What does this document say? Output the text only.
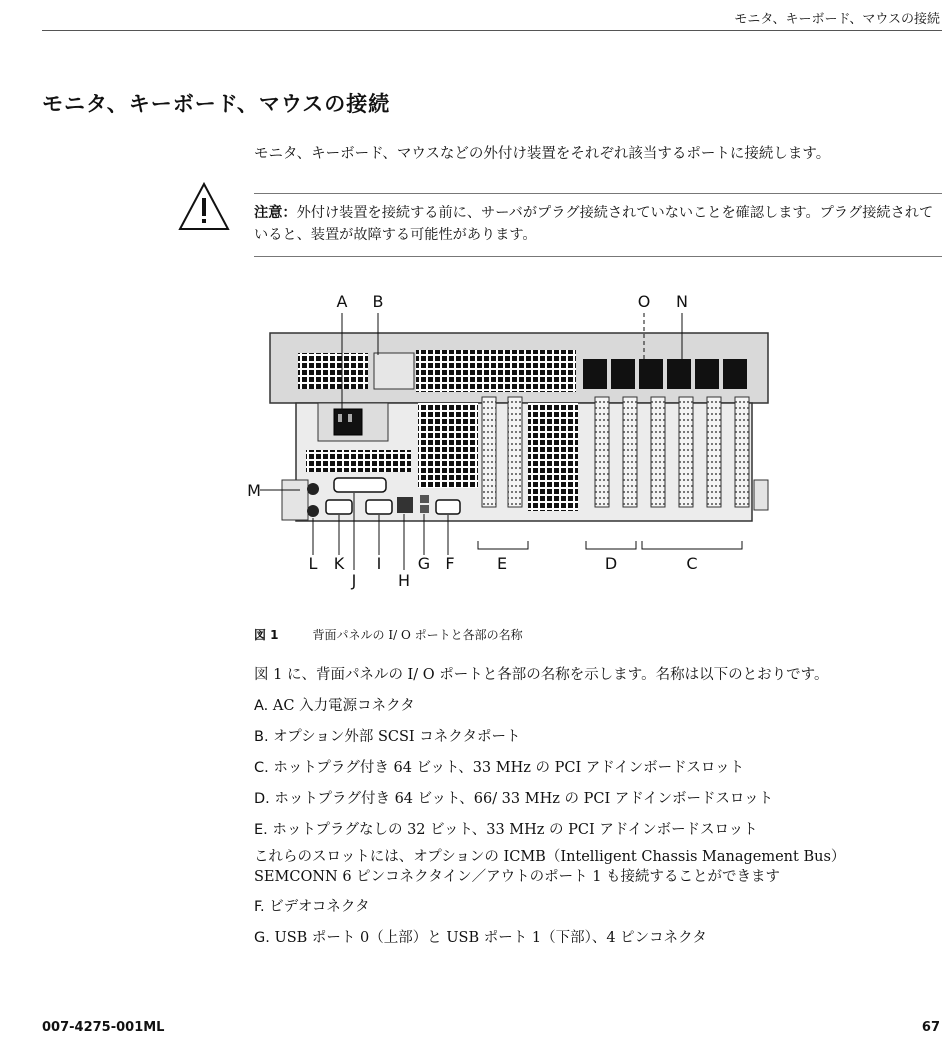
モニタ、キーボード、マウスの接続
モニタ、キーボード、マウスの接続
モニタ、キーボード、マウスなどの外付け装置をそれぞれ該当するポートに接続します。
注意：外付け装置を接続する前に、サーバがプラグ接続されていないことを確認します。プラグ接続されていると、装置が故障する可能性があります。
A B	O N
M
L K
J
I
H
G F	E	D	C
図 1	背面パネルの I/ O ポートと各部の名称
図 1 に、背面パネルの I/ O ポートと各部の名称を示します。名称は以下のとおりです。
A. AC 入力電源コネクタ
B. オプション外部 SCSI コネクタポート
C. ホットプラグ付き 64 ビット、33 MHz の PCI アドインボードスロット
D. ホットプラグ付き 64 ビット、66/ 33 MHz の PCI アドインボードスロット
E. ホットプラグなしの 32 ビット、33 MHz の PCI アドインボードスロット
これらのスロットには、オプションの ICMB（Intelligent Chassis Management Bus）
SEMCONN 6 ピンコネクタイン／アウトのポート 1 も接続することができます
F. ビデオコネクタ
G. USB ポート 0（上部）と USB ポート 1（下部）、4 ピンコネクタ
007-4275-001ML	67
